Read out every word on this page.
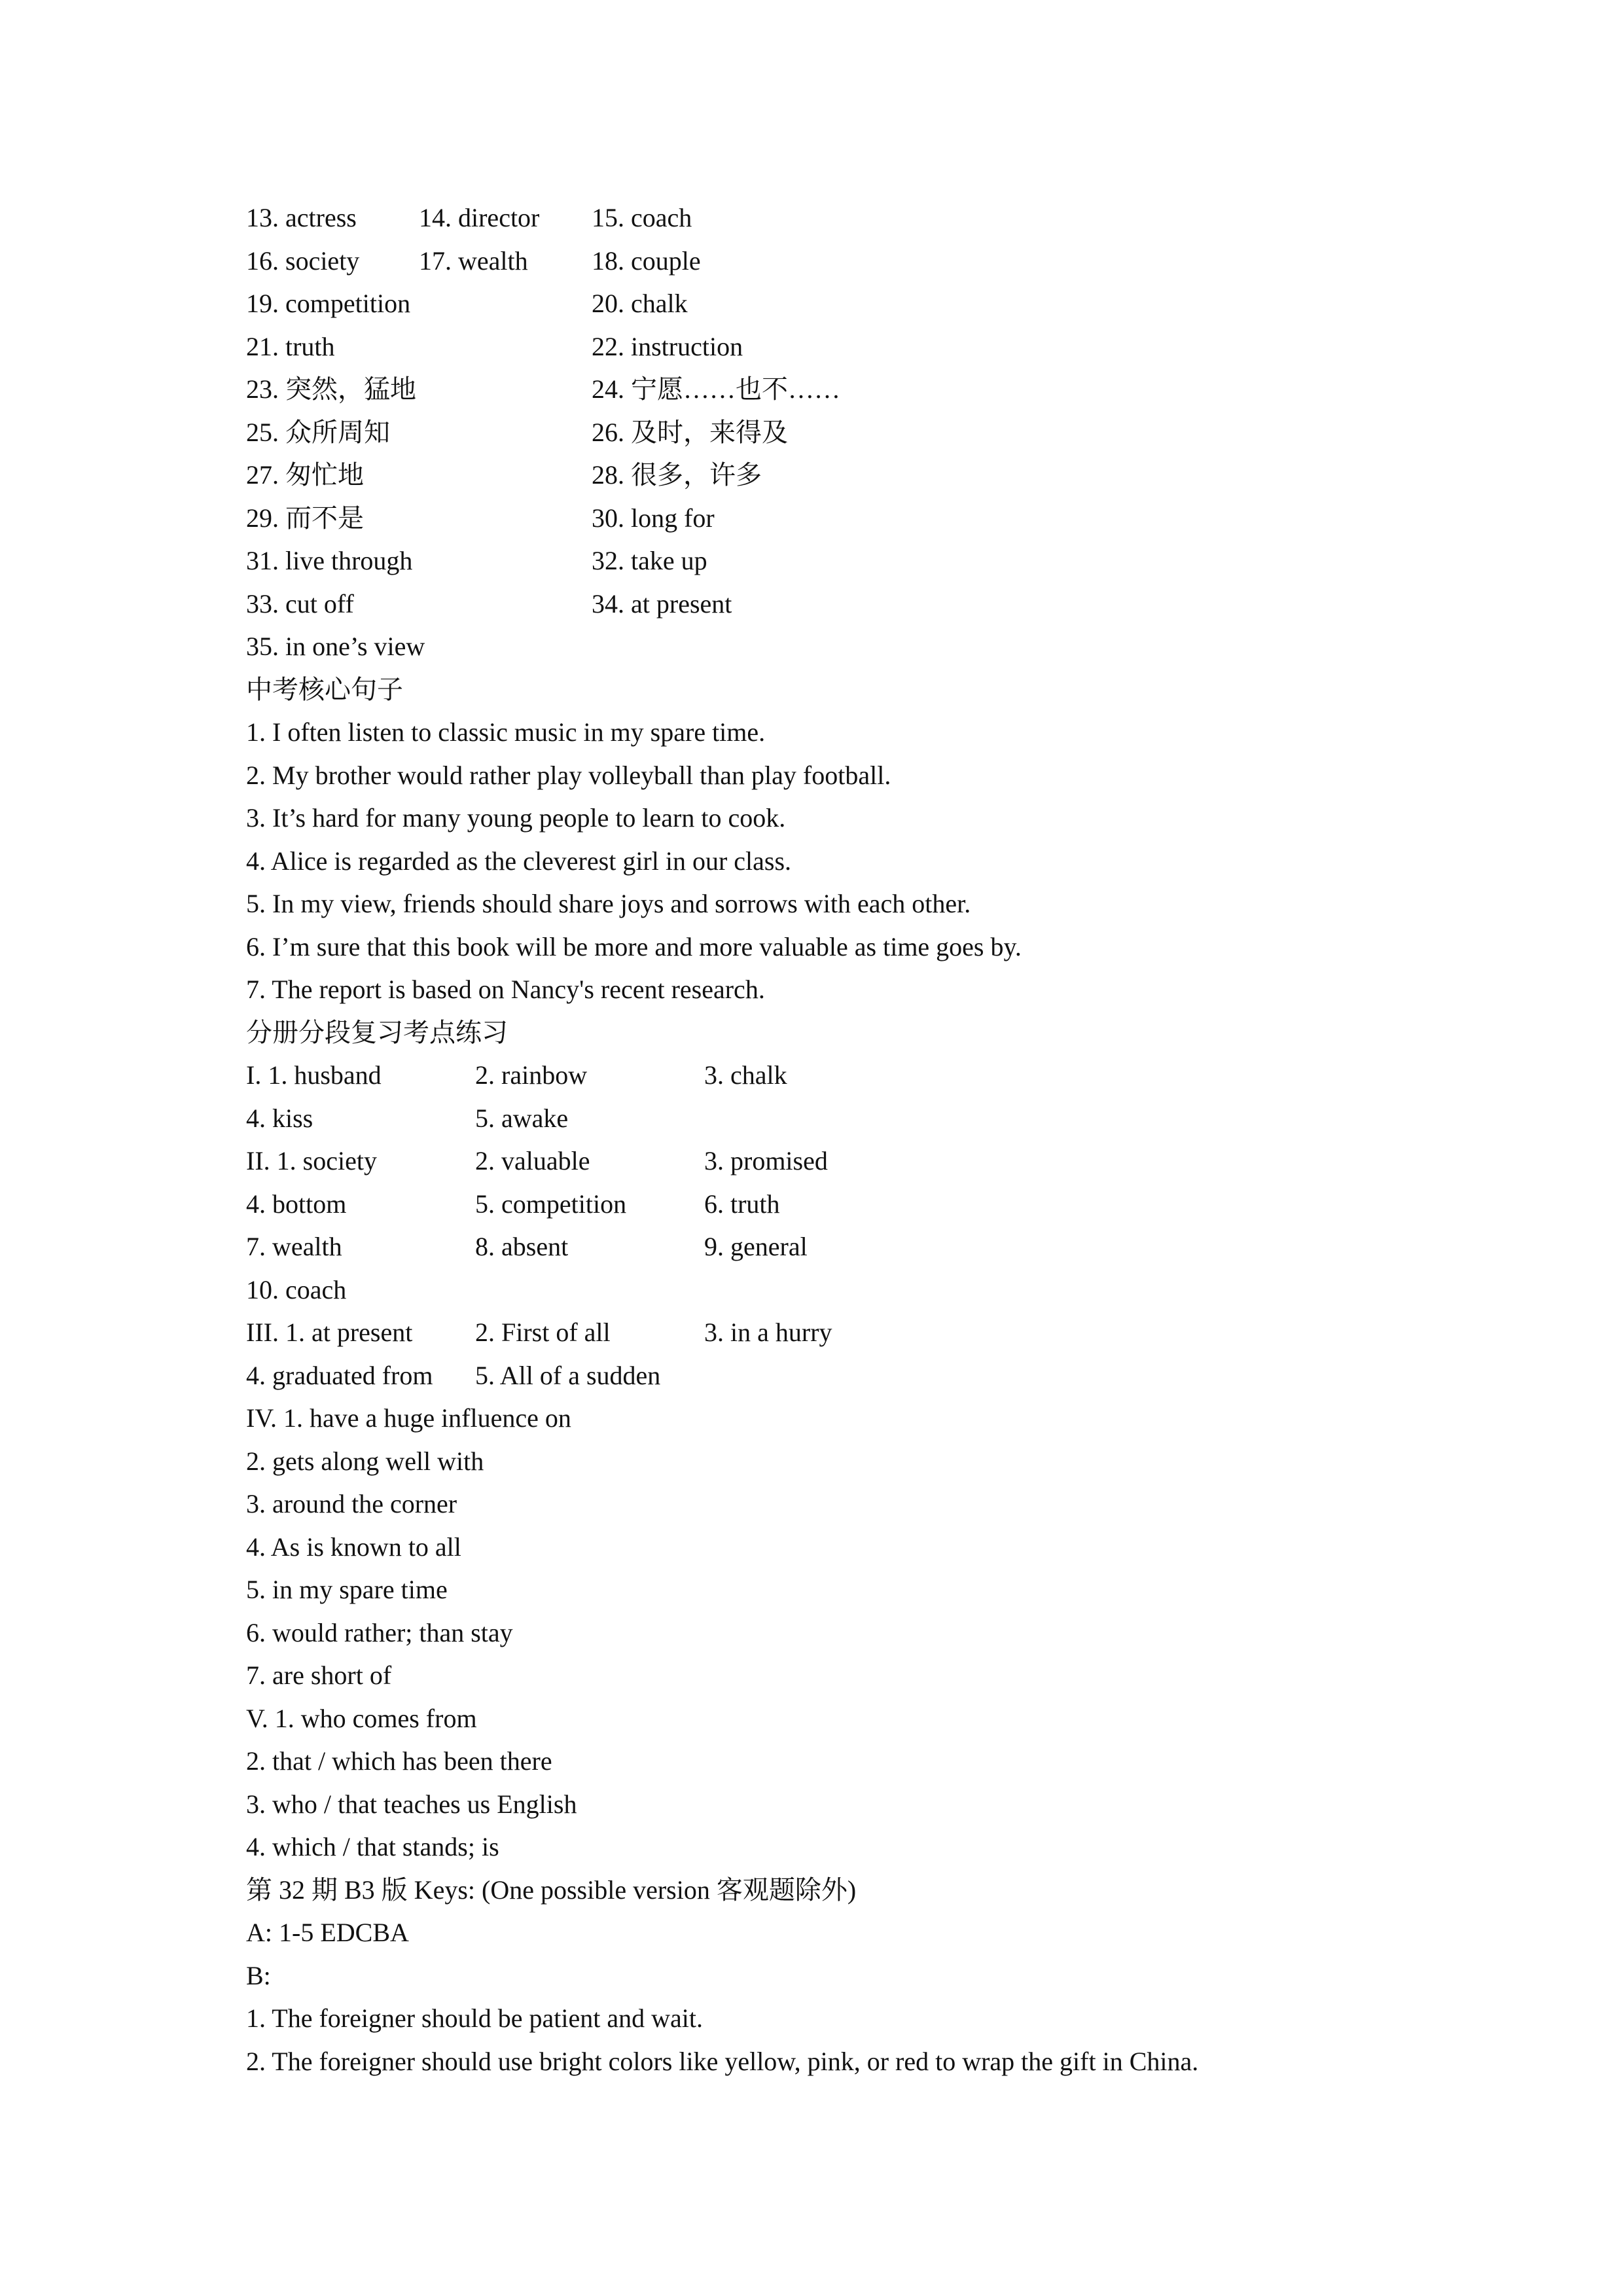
13. actress 14. director 15. coach
16. society 17. wealth 18. couple
19. competition	20. chalk
21. truth	22. instruction
23. 突然，猛地	24. 宁愿……也不……
25. 众所周知	26. 及时，来得及
27. 匆忙地	28. 很多，许多
29. 而不是	30. long for
31. live through	32. take up
33. cut off	34. at present
35. in one’s view
中考核心句子
1. I often listen to classic music in my spare time.
2. My brother would rather play volleyball than play football.
3. It’s hard for many young people to learn to cook.
4. Alice is regarded as the cleverest girl in our class.
5. In my view, friends should share joys and sorrows with each other.
6. I’m sure that this book will be more and more valuable as time goes by.
7. The report is based on Nancy's recent research.
分册分段复习考点练习
I. 1. husband	2. rainbow	3. chalk
4. kiss	5. awake
II. 1. society	2. valuable	3. promised
4. bottom	5. competition	6. truth
7. wealth	8. absent	9. general
10. coach
III. 1. at present 2. First of all	3. in a hurry
4. graduated from 5. All of a sudden
IV. 1. have a huge influence on
2. gets along well with
3. around the corner
4. As is known to all
5. in my spare time
6. would rather; than stay
7. are short of
V. 1. who comes from
2. that / which has been there
3. who / that teaches us English
4. which / that stands; is
第 32 期 B3 版 Keys: (One possible version 客观题除外)
A: 1-5 EDCBA
B:
1. The foreigner should be patient and wait.
2. The foreigner should use bright colors like yellow, pink, or red to wrap the gift in China.
